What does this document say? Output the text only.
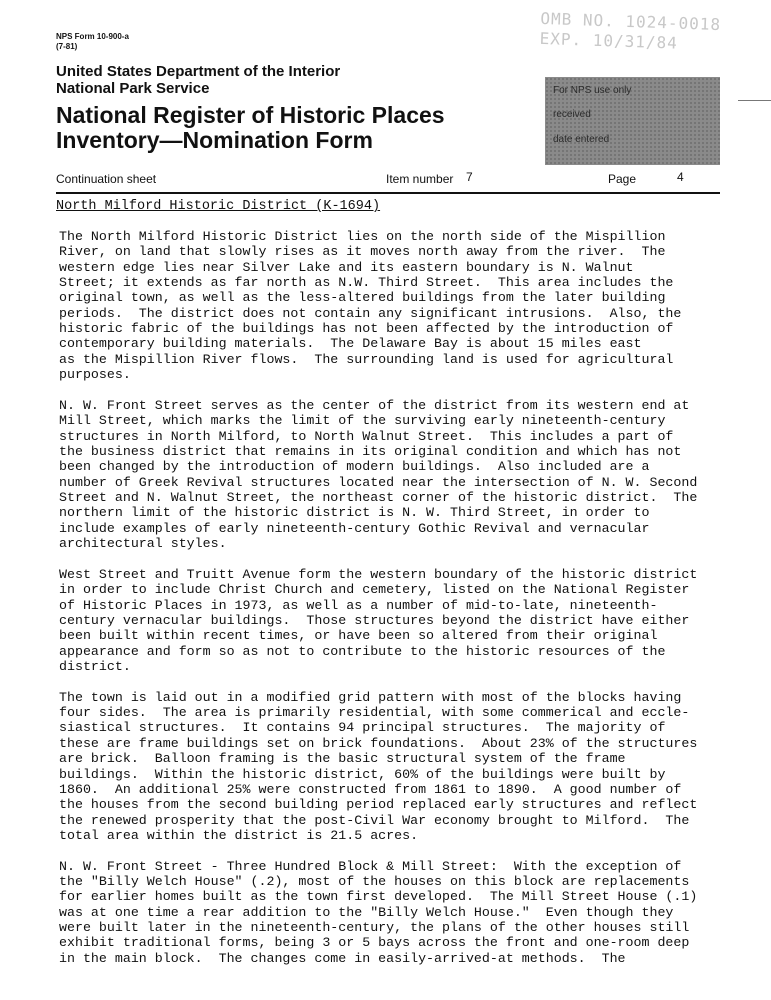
NPS Form 10-900-a
(7-81)
OMB NO. 1024-0018
EXP. 10/31/84
United States Department of the Interior
National Park Service
National Register of Historic Places
Inventory—Nomination Form
For NPS use only
received
date entered
Continuation sheet	Item number 7	Page	4
North Milford Historic District (K-1694)

The North Milford Historic District lies on the north side of the Mispillion
River, on land that slowly rises as it moves north away from the river.  The
western edge lies near Silver Lake and its eastern boundary is N. Walnut
Street; it extends as far north as N.W. Third Street.  This area includes the
original town, as well as the less-altered buildings from the later building
periods.  The district does not contain any significant intrusions.  Also, the
historic fabric of the buildings has not been affected by the introduction of
contemporary building materials.  The Delaware Bay is about 15 miles east
as the Mispillion River flows.  The surrounding land is used for agricultural
purposes.

N. W. Front Street serves as the center of the district from its western end at
Mill Street, which marks the limit of the surviving early nineteenth-century
structures in North Milford, to North Walnut Street.  This includes a part of
the business district that remains in its original condition and which has not
been changed by the introduction of modern buildings.  Also included are a
number of Greek Revival structures located near the intersection of N. W. Second
Street and N. Walnut Street, the northeast corner of the historic district.  The
northern limit of the historic district is N. W. Third Street, in order to
include examples of early nineteenth-century Gothic Revival and vernacular
architectural styles.

West Street and Truitt Avenue form the western boundary of the historic district
in order to include Christ Church and cemetery, listed on the National Register
of Historic Places in 1973, as well as a number of mid-to-late, nineteenth-
century vernacular buildings.  Those structures beyond the district have either
been built within recent times, or have been so altered from their original
appearance and form so as not to contribute to the historic resources of the
district.

The town is laid out in a modified grid pattern with most of the blocks having
four sides.  The area is primarily residential, with some commerical and eccle-
siastical structures.  It contains 94 principal structures.  The majority of
these are frame buildings set on brick foundations.  About 23% of the structures
are brick.  Balloon framing is the basic structural system of the frame
buildings.  Within the historic district, 60% of the buildings were built by
1860.  An additional 25% were constructed from 1861 to 1890.  A good number of
the houses from the second building period replaced early structures and reflect
the renewed prosperity that the post-Civil War economy brought to Milford.  The
total area within the district is 21.5 acres.

N. W. Front Street - Three Hundred Block & Mill Street:  With the exception of
the "Billy Welch House" (.2), most of the houses on this block are replacements
for earlier homes built as the town first developed.  The Mill Street House (.1)
was at one time a rear addition to the "Billy Welch House."  Even though they
were built later in the nineteenth-century, the plans of the other houses still
exhibit traditional forms, being 3 or 5 bays across the front and one-room deep
in the main block.  The changes come in easily-arrived-at methods.  The
